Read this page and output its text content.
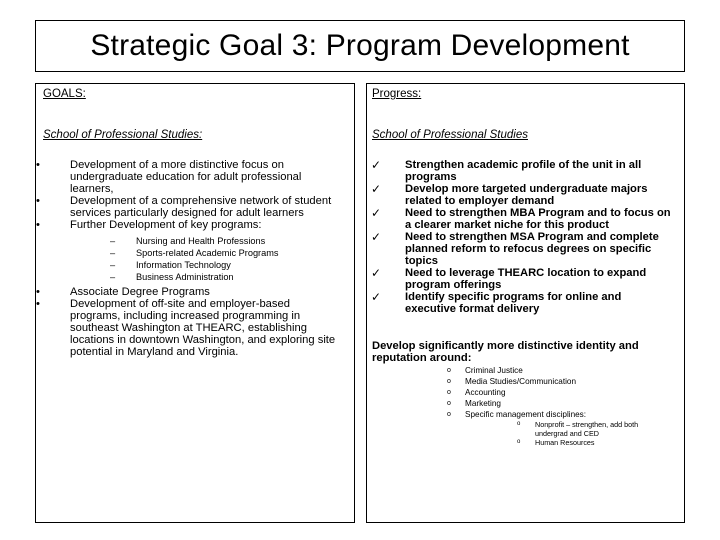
Strategic Goal 3: Program Development
GOALS:
School of Professional Studies:
•	Development of a more distinctive focus on undergraduate education for adult professional learners,
•	Development of a comprehensive network of student services particularly designed for adult learners
•	Further Development of key programs:
–	Nursing and Health Professions
–	Sports-related Academic Programs
–	Information Technology
–	Business Administration
•	Associate Degree Programs
•	Development of off-site and employer-based programs, including increased programming in southeast Washington at THEARC, establishing locations in downtown Washington, and exploring site potential in Maryland and Virginia.
Progress:
School of Professional Studies
✓ Strengthen academic profile of the unit in all programs
✓ Develop more targeted undergraduate majors related to employer demand
✓ Need to strengthen MBA Program and to focus on a clearer market niche for this product
✓ Need to strengthen MSA Program and complete planned reform to refocus degrees on specific topics
✓ Need to leverage THEARC location to expand program offerings
✓ Identify specific programs for online and executive format delivery
Develop significantly more distinctive identity and reputation around:
o Criminal Justice
o Media Studies/Communication
o Accounting
o Marketing
o Specific management disciplines:
o Nonprofit – strengthen, add both undergrad and CED
o Human Resources
